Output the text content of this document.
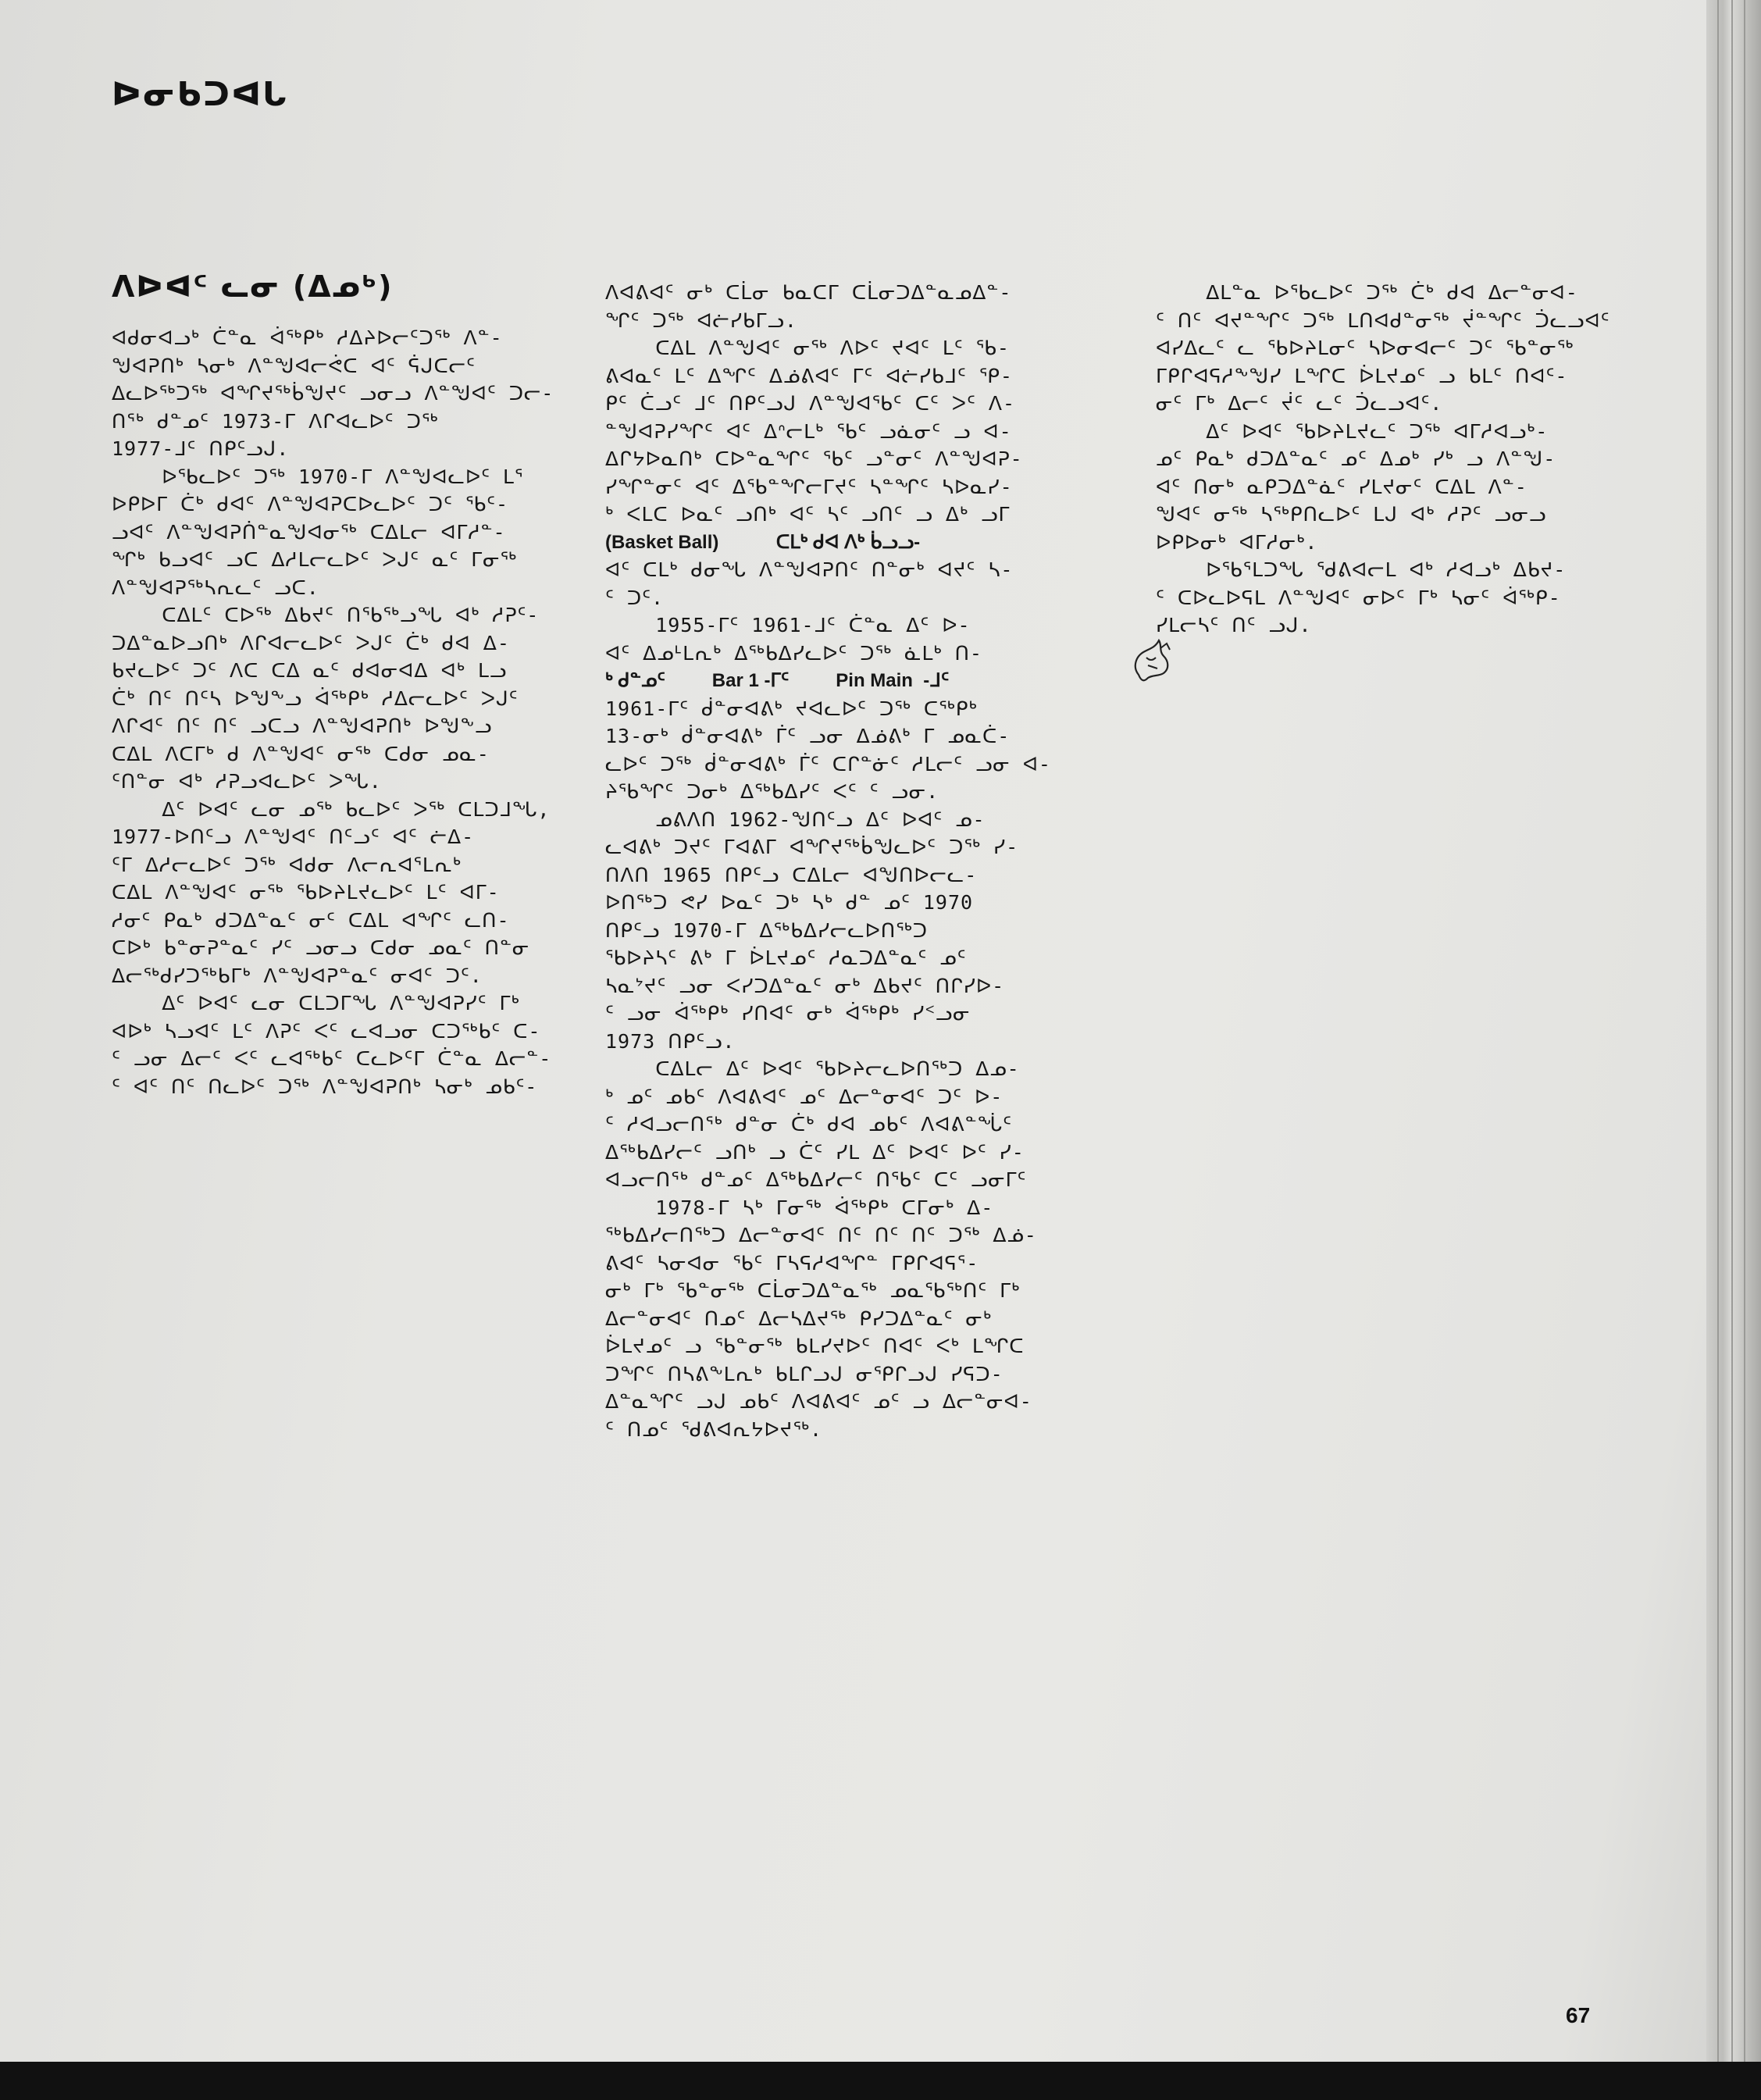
ᐅᓂᑲᑐᐊᒐ
ᐱᐅᐊᑦ ᓚᓂ (ᐃᓄᒃ)
ᐊᑯᓂᐊᓗᒃ ᑖᓐᓇ ᐋᖅᑭᒃ ᓱᐃᔨᐅᓕᑦᑐᖅ ᐱᓐ-
ᖑᐊᕈᑎᒃ ᓴᓂᒃ ᐱᓐᖑᐊᓕᕚᑕ ᐊᑦ ᕌᒍᑕᓕᑦ
ᐃᓚᐅᖅᑐᖅ ᐊᖏᔪᖅᑳᖑᔪᑦ ᓗᓂᓗ ᐱᓐᖑᐊᑦ ᑐᓕ-
ᑎᕐᒃ ᑯᓐᓄᑦ 1973-ᒥ ᐱᒋᐊᓚᐅᑦ ᑐᖅ
1977-ᒧᑦ ᑎᑭᑦᓗᒍ.
ᐅᖃᓚᐅᑦ ᑐᖅ 1970-ᒥ ᐱᓐᖑᐊᓚᐅᑦ ᒪᕐ
ᐅᑭᐅᒥ ᑖᒃ ᑯᐊᑦ ᐱᓐᖑᐊᕈᑕᐅᓚᐅᑦ ᑐᑦ ᖃᑦ-
ᓗᐊᑦ ᐱᓐᖑᐊᕈᑏᓐᓇᖑᐊᓂᖅ ᑕᐃᒪᓕ ᐊᒥᓱᓐ-
ᖏᒃ ᑲᓗᐊᑦ ᓗᑕ ᐃᓱᒪᓕᓚᐅᑦ ᐳᒍᑦ ᓇᑦ ᒥᓂᖅ
ᐱᓐᖑᐊᕈᖅᓴᕆᓚᑦ ᓗᑕ.
ᑕᐃᒪᑦ ᑕᐅᖅ ᐃᑲᔪᑦ ᑎᖃᖅᓗᖓ ᐊᒃ ᓱᕈᑦ-
ᑐᐃᓐᓇᐅᓗᑎᒃ ᐱᒋᐊᓕᓚᐅᑦ ᐳᒍᑦ ᑖᒃ ᑯᐊ ᐃ-
ᑲᔪᓚᐅᑦ ᑐᑦ ᐱᑕ ᑕᐃ ᓇᑦ ᑯᐊᓂᐊᐃ ᐊᒃ ᒪᓗ
ᑖᒃ ᑎᑦ ᑎᑦᓴ ᐅᖑᖕᓗ ᐋᖅᑭᒃ ᓱᐃᓕᓚᐅᑦ ᐳᒍᑦ
ᐱᒋᐊᑦ ᑎᑦ ᑎᑦ ᓗᑕᓗ ᐱᓐᖑᐊᕈᑎᒃ ᐅᖑᖕᓗ
ᑕᐃᒪ ᐱᑕᒥᒃ ᑯ ᐱᓐᖑᐊᑦ ᓂᖅ ᑕᑯᓂ ᓄᓇ-
ᑦᑎᓐᓂ ᐊᒃ ᓱᕈᓗᐊᓚᐅᑦ ᐳᖓ.
ᐃᑦ ᐅᐊᑦ ᓚᓂ ᓄᖅ ᑲᓚᐅᑦ ᐳᖅ ᑕᒪᑐᒧᖓ,
1977-ᐅᑎᑦᓗ ᐱᓐᖑᐊᑦ ᑎᑦᓗᑦ ᐊᑦ ᓖᐃ-
ᑦᒥ ᐃᓱᓕᓚᐅᑦ ᑐᖅ ᐊᑯᓂ ᐱᓕᕆᐊᕐᒪᕆᒃ
ᑕᐃᒪ ᐱᓐᖑᐊᑦ ᓂᖅ ᖃᐅᔨᒪᔪᓚᐅᑦ ᒪᑦ ᐊᒥ-
ᓱᓂᑦ ᑭᓇᒃ ᑯᑐᐃᓐᓇᑦ ᓂᑦ ᑕᐃᒪ ᐊᖏᑦ ᓚᑎ-
ᑕᐅᒃ ᑲᓐᓂᕈᓐᓇᑦ ᓯᑦ ᓗᓂᓗ ᑕᑯᓂ ᓄᓇᑦ ᑎᓐᓂ
ᐃᓕᖅᑯᓯᑐᖅᑲᒥᒃ ᐱᓐᖑᐊᕈᓐᓇᑦ ᓂᐊᑦ ᑐᑦ.
ᐃᑦ ᐅᐊᑦ ᓚᓂ ᑕᒪᑐᒥᖓ ᐱᓐᖑᐊᕈᓯᑦ ᒥᒃ
ᐊᐅᒃ ᓴᓗᐊᑦ ᒪᑦ ᐱᕈᑦ ᐸᑦ ᓚᐊᓗᓂ ᑕᑐᖅᑲᑦ ᑕ-
ᑦ ᓗᓂ ᐃᓕᑦ ᐸᑦ ᓚᐊᖅᑲᑦ ᑕᓚᐅᑦᒥ ᑖᓐᓇ ᐃᓕᓐ-
ᑦ ᐊᑦ ᑎᑦ ᑎᓚᐅᑦ ᑐᖅ ᐱᓐᖑᐊᕈᑎᒃ ᓴᓂᒃ ᓄᑲᑦ-
ᐱᐊᕕᐊᑦ ᓂᒃ ᑕᒫᓂ ᑲᓇᑕᒥ ᑕᒫᓂᑐᐃᓐᓇᓄᐃᓐ-
ᖏᑦ ᑐᖅ ᐊᓖᓯᑲᒥᓗ.
ᑕᐃᒪ ᐱᓐᖑᐊᑦ ᓂᖅ ᐱᐅᑦ ᔪᐊᑦ ᒪᑦ ᖃ-
ᕕᐊᓇᑦ ᒪᑦ ᐃᖏᑦ ᐃᓅᕕᐊᑦ ᒥᑦ ᐊᓖᓯᑲᒧᑦ ᕿ-
ᑭᑦ ᑖᓗᑦ ᒧᑦ ᑎᑭᑦᓗᒍ ᐱᓐᖑᐊᖃᑦ ᑕᑦ ᐳᑦ ᐱ-
ᓐᖑᐊᕈᓯᖏᑦ ᐊᑦ ᐃᐢᓕᒪᒃ ᖃᑦ ᓗᓈᓂᑦ ᓗ ᐊ-
ᐃᒋᔭᐅᓇᑎᒃ ᑕᐅᓐᓇᖏᑦ ᖃᑦ ᓗᓐᓂᑦ ᐱᓐᖑᐊᕈ-
ᓯᖏᓐᓂᑦ ᐊᑦ ᐃᖃᓐᖏᓕᒥᔪᑦ ᓴᓐᖏᑦ ᓴᐅᓇᓯ-
ᒃ ᐸᒪᑕ ᐅᓇᑦ ᓗᑎᒃ ᐊᑦ ᓴᑦ ᓗᑎᑦ ᓗ ᐃᒃ ᓗᒥ
(Basket Ball)           ᑕᒪᒃ ᑯᐊ ᐱᒃ ᑳᓗᓗ-
ᐊᑦ ᑕᒪᒃ ᑯᓂᖓ ᐱᓐᖑᐊᕈᑎᑦ ᑎᓐᓂᒃ ᐊᔪᑦ ᓴ-
ᑦ ᑐᑦ.
1955-ᒥᑦ 1961-ᒧᑦ ᑖᓐᓇ ᐃᑦ ᐅ-
ᐊᑦ ᐃᓄᒻᒪᕆᒃ ᐃᖅᑲᐃᓯᓚᐅᑦ ᑐᖅ ᓈᒪᒃ ᑎ-
ᒃ ᑯᓐᓄᑦ         Bar 1 -ᒥᑦ         Pin Main  -ᒧᑦ
1961-ᒥᑦ ᑰᓐᓂᐊᕕᒃ ᔪᐊᓚᐅᑦ ᑐᖅ ᑕᖅᑭᒃ
13-ᓂᒃ ᑰᓐᓂᐊᕕᒃ ᒦᑦ ᓗᓂ ᐃᓅᕕᒃ ᒥ ᓄᓇᑖ-
ᓚᐅᑦ ᑐᖅ ᑰᓐᓂᐊᕕᒃ ᒦᑦ ᑕᒋᓐᓃᑦ ᓱᒪᓕᑦ ᓗᓂ ᐊ-
ᔨᖃᖏᑦ ᑐᓂᒃ ᐃᖅᑲᐃᓯᑦ ᐸᑦ ᑦ ᓗᓂ.
ᓄᕕᐱᑎ 1962-ᖑᑎᑦᓗ ᐃᑦ ᐅᐊᑦ ᓄ-
ᓚᐊᕕᒃ ᑐᔪᑦ ᒥᐊᕕᒥ ᐊᖏᔪᖅᑳᖑᓚᐅᑦ ᑐᖅ ᓯ-
ᑎᐱᑎ 1965 ᑎᑭᑦᓗ ᑕᐃᒪᓕ ᐊᖑᑎᐅᓕᓚ-
ᐅᑎᖅᑐ ᕙᓯ ᐅᓇᑦ ᑐᒃ ᓴᒃ ᑯᓐ ᓄᑦ 1970
ᑎᑭᑦᓗ 1970-ᒥ ᐃᖅᑲᐃᓯᓕᓚᐅᑎᖅᑐ
ᖃᐅᔨᓴᑦ ᕕᒃ ᒥ ᐆᒪᔪᓄᑦ ᓱᓇᑐᐃᓐᓇᑦ ᓄᑦ
ᓴᓇᔾᔪᑦ ᓗᓂ ᐸᓯᑐᐃᓐᓇᑦ ᓂᒃ ᐃᑲᔪᑦ ᑎᒋᓯᐅ-
ᑦ ᓗᓂ ᐋᖅᑭᒃ ᓯᑎᐊᑦ ᓂᒃ ᐋᖅᑭᒃ ᓯᑉᓗᓂ
1973 ᑎᑭᑦᓗ.
ᑕᐃᒪᓕ ᐃᑦ ᐅᐊᑦ ᖃᐅᔨᓕᓚᐅᑎᖅᑐ ᐃᓄ-
ᒃ ᓄᑦ ᓄᑲᑦ ᐱᐊᕕᐊᑦ ᓄᑦ ᐃᓕᓐᓂᐊᑦ ᑐᑦ ᐅ-
ᑦ ᓱᐊᓗᓕᑎᕐᒃ ᑯᓐᓂ ᑖᒃ ᑯᐊ ᓄᑲᑦ ᐱᐊᕕᓐᖔᑦ
ᐃᖅᑲᐃᓯᓕᑦ ᓗᑎᒃ ᓗ ᑖᑦ ᓯᒪ ᐃᑦ ᐅᐊᑦ ᐅᑦ ᓯ-
ᐊᓗᓕᑎᕐᒃ ᑯᓐᓄᑦ ᐃᖅᑲᐃᓯᓕᑦ ᑎᖃᑦ ᑕᑦ ᓗᓂᒥᑦ
1978-ᒥ ᓴᒃ ᒥᓂᖅ ᐋᖅᑭᒃ ᑕᒥᓂᒃ ᐃ-
ᖅᑲᐃᓯᓕᑎᖅᑐ ᐃᓕᓐᓂᐊᑦ ᑎᑦ ᑎᑦ ᑎᑦ ᑐᖅ ᐃᓅ-
ᕕᐊᑦ ᓴᓂᐊᓂ ᖃᑦ ᒥᓴᕋᓱᐊᖏᓐ ᒥᑭᒋᐊᕋᕐ-
ᓂᒃ ᒥᒃ ᖃᓐᓂᖅ ᑕᒫᓂᑐᐃᓐᓇᖅ ᓄᓇᖃᖅᑎᑦ ᒥᒃ
ᐃᓕᓐᓂᐊᑦ ᑎᓄᑦ ᐃᓕᓴᐃᔪᖅ ᑭᓯᑐᐃᓐᓇᑦ ᓂᒃ
ᐆᒪᔪᓄᑦ ᓗ ᖃᓐᓂᖅ ᑲᒪᓯᔪᐅᑦ ᑎᐊᑦ ᐸᒃ ᒪᖏᑕ
ᑐᖏᑦ ᑎᓴᕕᖕᒪᕆᒃ ᑲᒪᒋᓗᒍ ᓂᕿᒋᓗᒍ ᓯᕋᑐ-
ᐃᓐᓇᖏᑦ ᓗᒍ ᓄᑲᑦ ᐱᐊᕕᐊᑦ ᓄᑦ ᓗ ᐃᓕᓐᓂᐊ-
ᑦ ᑎᓄᑦ ᖁᕕᐊᕆᔭᐅᔪᖅ.
ᐃᒪᓐᓇ ᐅᖃᓚᐅᑦ ᑐᖅ ᑖᒃ ᑯᐊ ᐃᓕᓐᓂᐊ-
ᑦ ᑎᑦ ᐊᔪᓐᖏᑦ ᑐᖅ ᒪᑎᐊᑯᓐᓂᖅ ᔫᓐᖏᑦ ᑑᓚᓗᐊᑦ
ᐊᓯᐃᓚᑦ ᓚ ᖃᐅᔨᒪᓂᑦ ᓴᐅᓂᐊᓕᑦ ᑐᑦ ᖃᓐᓂᖅ
ᒥᑭᒋᐊᕋᓱᖕᖑᓯ ᒪᖏᑕ ᐆᒪᔪᓄᑦ ᓗ ᑲᒪᑦ ᑎᐊᑦ-
ᓂᑦ ᒥᒃ ᐃᓕᑦ ᔫᑦ ᓚᑦ ᑑᓚᓗᐊᑦ.
ᐃᑦ ᐅᐊᑦ ᖃᐅᔨᒪᔪᓚᑦ ᑐᖅ ᐊᒥᓱᐊᓗᒃ-
ᓄᑦ ᑭᓇᒃ ᑯᑐᐃᓐᓇᑦ ᓄᑦ ᐃᓄᒃ ᓯᒃ ᓗ ᐱᓐᖑ-
ᐊᑦ ᑎᓂᒃ ᓇᑭᑐᐃᓐᓈᑦ ᓯᒪᔪᓂᑦ ᑕᐃᒪ ᐱᓐ-
ᖑᐊᑦ ᓂᖅ ᓴᖅᑭᑎᓚᐅᑦ ᒪᒍ ᐊᒃ ᓱᕈᑦ ᓗᓂᓗ
ᐅᑭᐅᓂᒃ ᐊᒥᓱᓂᒃ.
ᐅᖃᕐᒪᑐᖓ ᖁᕕᐊᓕᒪ ᐊᒃ ᓱᐊᓗᒃ ᐃᑲᔪ-
ᑦ ᑕᐅᓚᐅᕋᒪ ᐱᓐᖑᐊᑦ ᓂᐅᑦ ᒥᒃ ᓴᓂᑦ ᐋᖅᑭ-
ᓯᒪᓕᓴᑦ ᑎᑦ ᓗᒍ.
67
